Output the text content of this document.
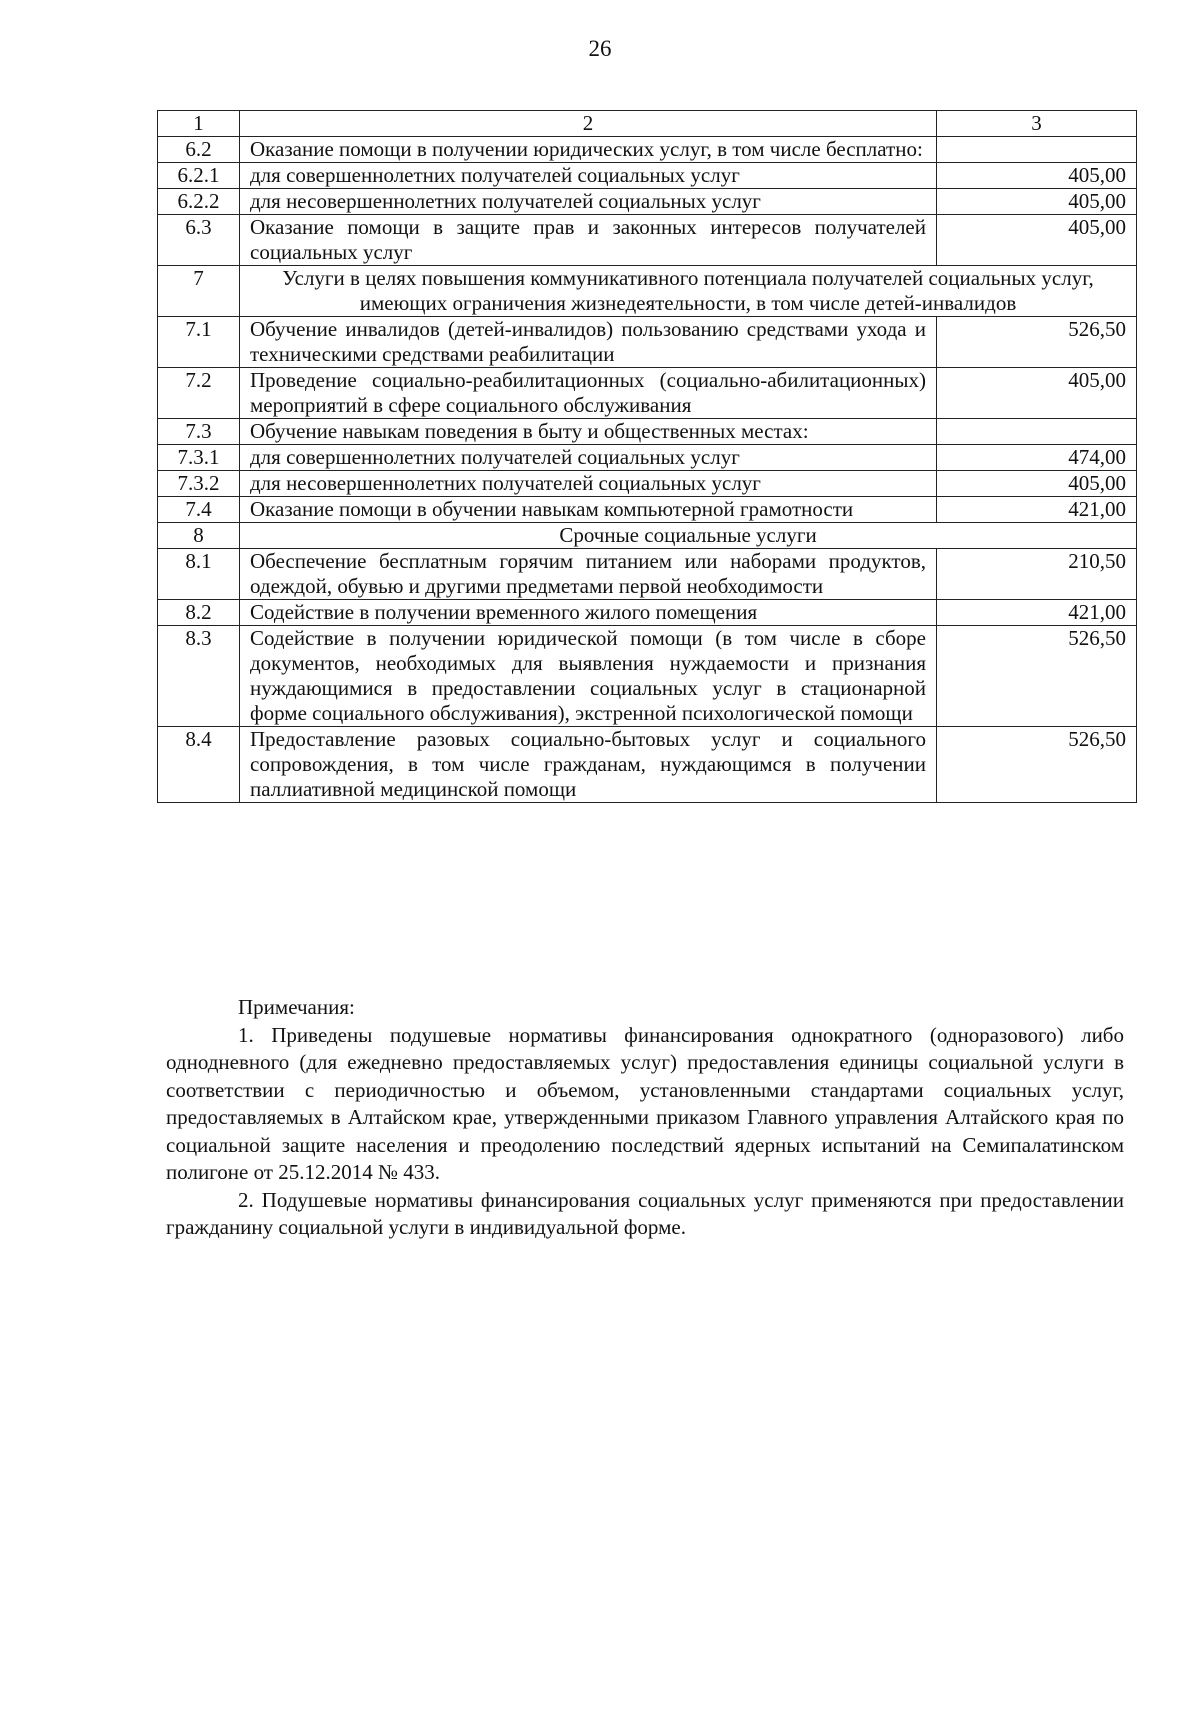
26
1	2	3
6.2	Оказание помощи в получении юридических услуг, в том числе бесплатно:	
6.2.1	для совершеннолетних получателей социальных услуг	405,00
6.2.2	для несовершеннолетних получателей социальных услуг	405,00
6.3	Оказание помощи в защите прав и законных интересов получателей социальных услуг	405,00
7	Услуги в целях повышения коммуникативного потенциала получателей социальных услуг, имеющих ограничения жизнедеятельности, в том числе детей-инвалидов	
7.1	Обучение инвалидов (детей-инвалидов) пользованию средствами ухода и техническими средствами реабилитации	526,50
7.2	Проведение социально-реабилитационных (социально-абилитационных) мероприятий в сфере социального обслуживания	405,00
7.3	Обучение навыкам поведения в быту и общественных местах:	
7.3.1	для совершеннолетних получателей социальных услуг	474,00
7.3.2	для несовершеннолетних получателей социальных услуг	405,00
7.4	Оказание помощи в обучении навыкам компьютерной грамотности	421,00
8	Срочные социальные услуги	
8.1	Обеспечение бесплатным горячим питанием или наборами продуктов, одеждой, обувью и другими предметами первой необходимости	210,50
8.2	Содействие в получении временного жилого помещения	421,00
8.3	Содействие в получении юридической помощи (в том числе в сборе документов, необходимых для выявления нуждаемости и признания нуждающимися в предоставлении социальных услуг в стационарной форме социального обслуживания), экстренной психологической помощи	526,50
8.4	Предоставление разовых социально-бытовых услуг и социального сопровождения, в том числе гражданам, нуждающимся в получении паллиативной медицинской помощи	526,50
Примечания:

1. Приведены подушевые нормативы финансирования однократного (одноразового) либо однодневного (для ежедневно предоставляемых услуг) предоставления единицы социальной услуги в соответствии с периодичностью и объемом, установленными стандартами социальных услуг, предоставляемых в Алтайском крае, утвержденными приказом Главного управления Алтайского края по социальной защите населения и преодолению последствий ядерных испытаний на Семипалатинском полигоне от 25.12.2014 № 433.

2. Подушевые нормативы финансирования социальных услуг применяются при предоставлении гражданину социальной услуги в индивидуальной форме.
